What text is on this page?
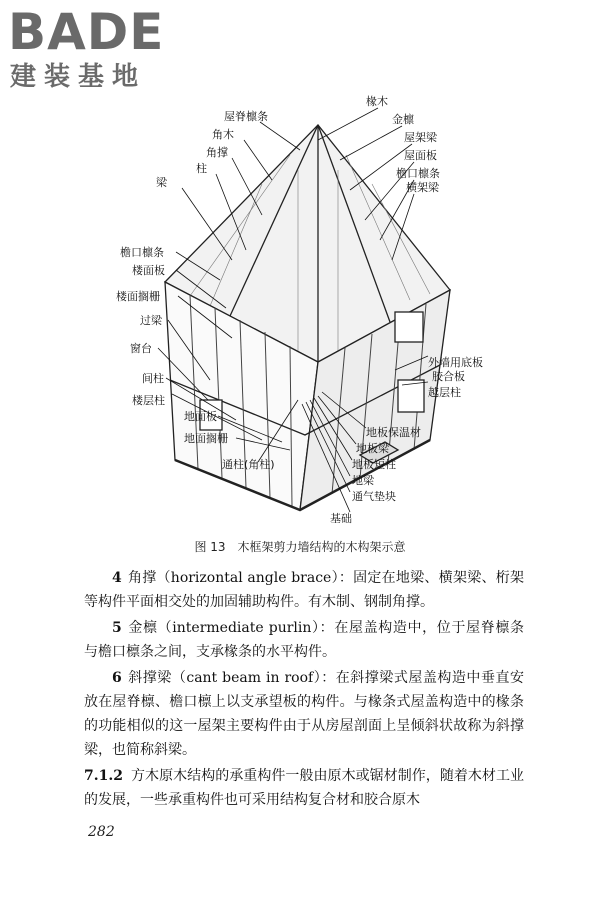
BADE
建装基地
椽木
金檩
屋架梁
屋面板
檐口檩条
横架梁
外墙用底板
胶合板
越层柱
屋脊檩条
角木
角撑
柱
梁
檐口檩条
楼面板
楼面搁栅
过梁
窗台
间柱
楼层柱
地面板
地面搁栅
通柱(角柱)
地板保温材
地板梁
地板短柱
地梁
通气垫块
基础
图 13　木框架剪力墙结构的木构架示意

4 角撑（horizontal angle brace）：固定在地梁、横架梁、桁架等构件平面相交处的加固辅助构件。有木制、钢制角撑。

5 金檩（intermediate purlin）：在屋盖构造中，位于屋脊檩条与檐口檩条之间，支承椽条的水平构件。

6 斜撑梁（cant beam in roof）：在斜撑梁式屋盖构造中垂直安放在屋脊檩、檐口檩上以支承望板的构件。与椽条式屋盖构造中的椽条的功能相似的这一屋架主要构件由于从房屋剖面上呈倾斜状故称为斜撑梁，也简称斜梁。

7.1.2 方木原木结构的承重构件一般由原木或锯材制作，随着木材工业的发展，一些承重构件也可采用结构复合材和胶合原木

282
